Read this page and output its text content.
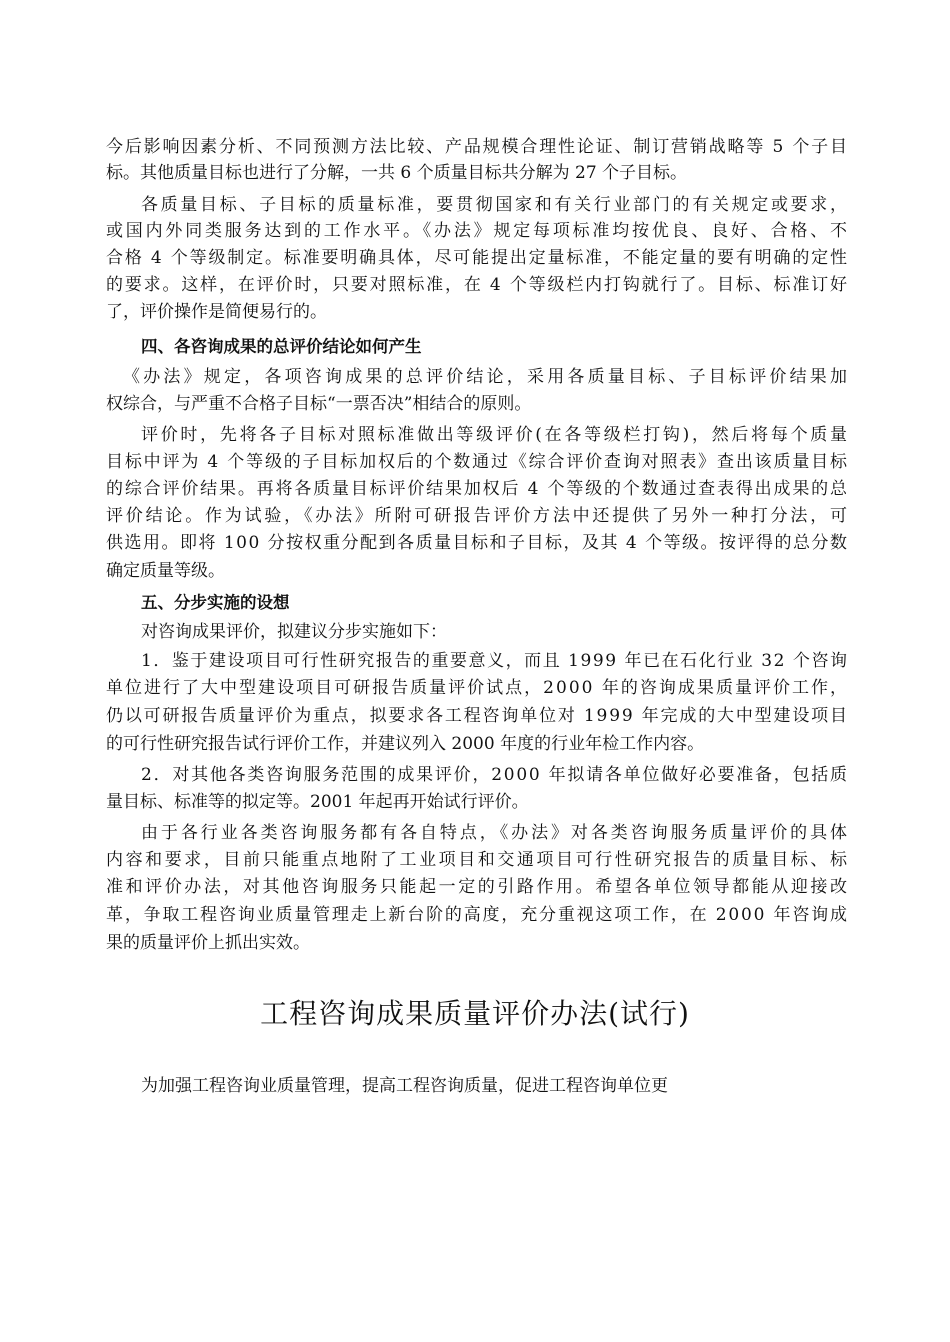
今后影响因素分析、不同预测方法比较、产品规模合理性论证、制订营销战略等 5 个子目
标。其他质量目标也进行了分解，一共 6 个质量目标共分解为 27 个子目标。
各质量目标、子目标的质量标准，要贯彻国家和有关行业部门的有关规定或要求，
或国内外同类服务达到的工作水平。《办法》规定每项标准均按优良、良好、合格、不
合格 4 个等级制定。标准要明确具体，尽可能提出定量标准，不能定量的要有明确的定性
的要求。这样，在评价时，只要对照标准，在 4 个等级栏内打钩就行了。目标、标准订好
了，评价操作是简便易行的。
四、各咨询成果的总评价结论如何产生
《办法》规定，各项咨询成果的总评价结论，采用各质量目标、子目标评价结果加
权综合，与严重不合格子目标“一票否决”相结合的原则。
评价时，先将各子目标对照标准做出等级评价(在各等级栏打钩)，然后将每个质量
目标中评为 4 个等级的子目标加权后的个数通过《综合评价查询对照表》查出该质量目标
的综合评价结果。再将各质量目标评价结果加权后 4 个等级的个数通过查表得出成果的总
评价结论。作为试验，《办法》所附可研报告评价方法中还提供了另外一种打分法，可
供选用。即将 100 分按权重分配到各质量目标和子目标，及其 4 个等级。按评得的总分数
确定质量等级。
五、分步实施的设想
对咨询成果评价，拟建议分步实施如下：
1．鉴于建设项目可行性研究报告的重要意义，而且 1999 年已在石化行业 32 个咨询
单位进行了大中型建设项目可研报告质量评价试点，2000 年的咨询成果质量评价工作，
仍以可研报告质量评价为重点，拟要求各工程咨询单位对 1999 年完成的大中型建设项目
的可行性研究报告试行评价工作，并建议列入 2000 年度的行业年检工作内容。
2．对其他各类咨询服务范围的成果评价，2000 年拟请各单位做好必要准备，包括质
量目标、标准等的拟定等。2001 年起再开始试行评价。
由于各行业各类咨询服务都有各自特点，《办法》对各类咨询服务质量评价的具体
内容和要求，目前只能重点地附了工业项目和交通项目可行性研究报告的质量目标、标
准和评价办法，对其他咨询服务只能起一定的引路作用。希望各单位领导都能从迎接改
革，争取工程咨询业质量管理走上新台阶的高度，充分重视这项工作，在 2000 年咨询成
果的质量评价上抓出实效。
工程咨询成果质量评价办法(试行)
为加强工程咨询业质量管理，提高工程咨询质量，促进工程咨询单位更
